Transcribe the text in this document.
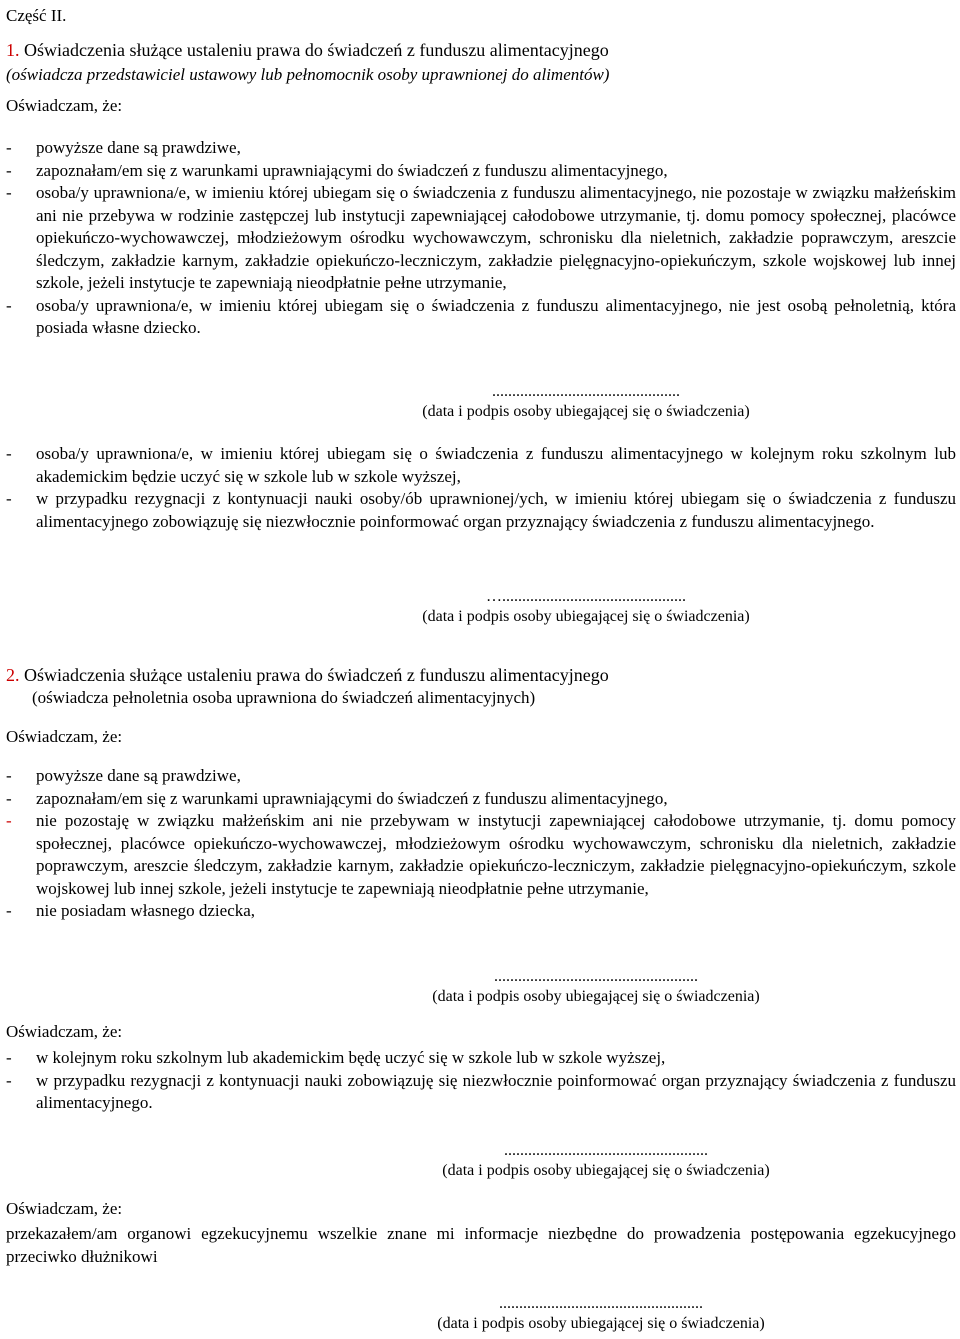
Część II.
1. Oświadczenia służące ustaleniu prawa do świadczeń z funduszu alimentacyjnego
(oświadcza przedstawiciel ustawowy lub pełnomocnik osoby uprawnionej do alimentów)
Oświadczam, że:
- powyższe dane są prawdziwe,
- zapoznałam/em się z warunkami uprawniającymi do świadczeń z funduszu alimentacyjnego,
- osoba/y uprawniona/e, w imieniu której ubiegam się o świadczenia z funduszu alimentacyjnego, nie pozostaje w związku małżeńskim ani nie przebywa w rodzinie zastępczej lub instytucji zapewniającej całodobowe utrzymanie, tj. domu pomocy społecznej, placówce opiekuńczo-wychowawczej, młodzieżowym ośrodku wychowawczym, schronisku dla nieletnich, zakładzie poprawczym, areszcie śledczym, zakładzie karnym, zakładzie opiekuńczo-leczniczym, zakładzie pielęgnacyjno-opiekuńczym, szkole wojskowej lub innej szkole, jeżeli instytucje te zapewniają nieodpłatnie pełne utrzymanie,
- osoba/y uprawniona/e, w imieniu której ubiegam się o świadczenia z funduszu alimentacyjnego, nie jest osobą pełnoletnią, która posiada własne dziecko.
...............................................
(data i podpis osoby ubiegającej się o świadczenia)
- osoba/y uprawniona/e, w imieniu której ubiegam się o świadczenia z funduszu alimentacyjnego w kolejnym roku szkolnym lub akademickim będzie uczyć się w szkole lub w szkole wyższej,
- w przypadku rezygnacji z kontynuacji nauki osoby/ób uprawnionej/ych, w imieniu której ubiegam się o świadczenia z funduszu alimentacyjnego zobowiązuję się niezwłocznie poinformować organ przyznający świadczenia z funduszu alimentacyjnego.
…..............................................
(data i podpis osoby ubiegającej się o świadczenia)
2. Oświadczenia służące ustaleniu prawa do świadczeń z funduszu alimentacyjnego
(oświadcza pełnoletnia osoba uprawniona do świadczeń alimentacyjnych)
Oświadczam, że:
- powyższe dane są prawdziwe,
- zapoznałam/em się z warunkami uprawniającymi do świadczeń z funduszu alimentacyjnego,
- nie pozostaję w związku małżeńskim ani nie przebywam w instytucji zapewniającej całodobowe utrzymanie, tj. domu pomocy społecznej, placówce opiekuńczo-wychowawczej, młodzieżowym ośrodku wychowawczym, schronisku dla nieletnich, zakładzie poprawczym, areszcie śledczym, zakładzie karnym, zakładzie opiekuńczo-leczniczym, zakładzie pielęgnacyjno-opiekuńczym, szkole wojskowej lub innej szkole, jeżeli instytucje te zapewniają nieodpłatnie pełne utrzymanie,
- nie posiadam własnego dziecka,
...................................................
(data i podpis osoby ubiegającej się o świadczenia)
Oświadczam, że:
- w kolejnym roku szkolnym lub akademickim będę uczyć się w szkole lub w szkole wyższej,
- w przypadku rezygnacji z kontynuacji nauki zobowiązuję się niezwłocznie poinformować organ przyznający świadczenia z funduszu alimentacyjnego.
...................................................
(data i podpis osoby ubiegającej się o świadczenia)
Oświadczam, że:
przekazałem/am organowi egzekucyjnemu wszelkie znane mi informacje niezbędne do prowadzenia postępowania egzekucyjnego przeciwko dłużnikowi
...................................................
(data i podpis osoby ubiegającej się o świadczenia)
